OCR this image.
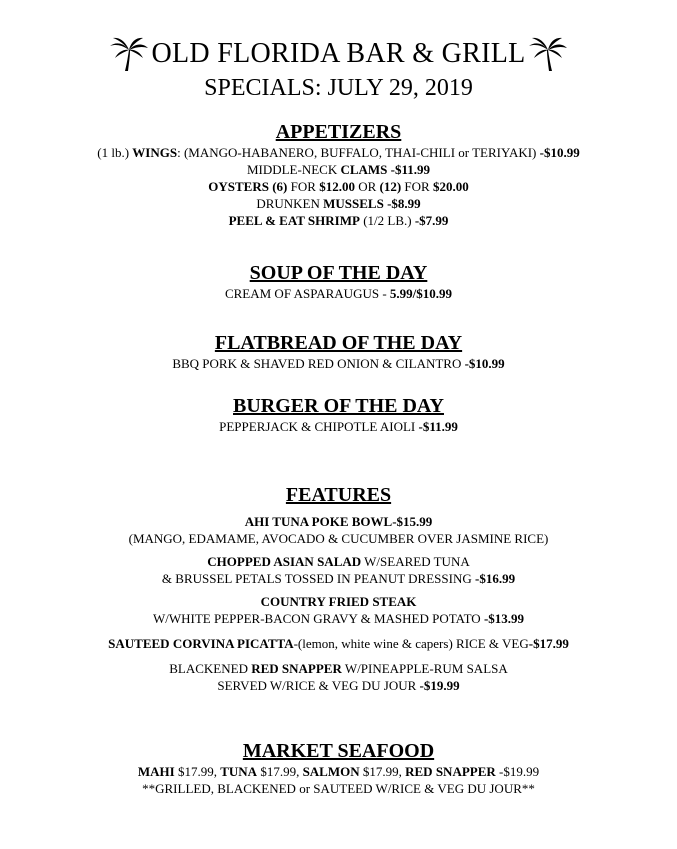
OLD FLORIDA BAR & GRILL
SPECIALS: JULY 29, 2019
APPETIZERS
(1 lb.) WINGS: (MANGO-HABANERO, BUFFALO, THAI-CHILI or TERIYAKI) -$10.99
MIDDLE-NECK CLAMS -$11.99
OYSTERS (6) FOR $12.00 OR (12) FOR $20.00
DRUNKEN MUSSELS -$8.99
PEEL & EAT SHRIMP (1/2 LB.) -$7.99
SOUP OF THE DAY
CREAM OF ASPARAUGUS - 5.99/$10.99
FLATBREAD OF THE DAY
BBQ PORK & SHAVED RED ONION & CILANTRO -$10.99
BURGER OF THE DAY
PEPPERJACK & CHIPOTLE AIOLI -$11.99
FEATURES
AHI TUNA POKE BOWL-$15.99
(MANGO, EDAMAME, AVOCADO & CUCUMBER OVER JASMINE RICE)
CHOPPED ASIAN SALAD W/SEARED TUNA
& BRUSSEL PETALS TOSSED IN PEANUT DRESSING -$16.99
COUNTRY FRIED STEAK
W/WHITE PEPPER-BACON GRAVY & MASHED POTATO -$13.99
SAUTEED CORVINA PICATTA-(lemon, white wine & capers) RICE & VEG-$17.99
BLACKENED RED SNAPPER W/PINEAPPLE-RUM SALSA
SERVED W/RICE & VEG DU JOUR -$19.99
MARKET SEAFOOD
MAHI $17.99, TUNA $17.99, SALMON $17.99, RED SNAPPER -$19.99
**GRILLED, BLACKENED or SAUTEED W/RICE & VEG DU JOUR**
